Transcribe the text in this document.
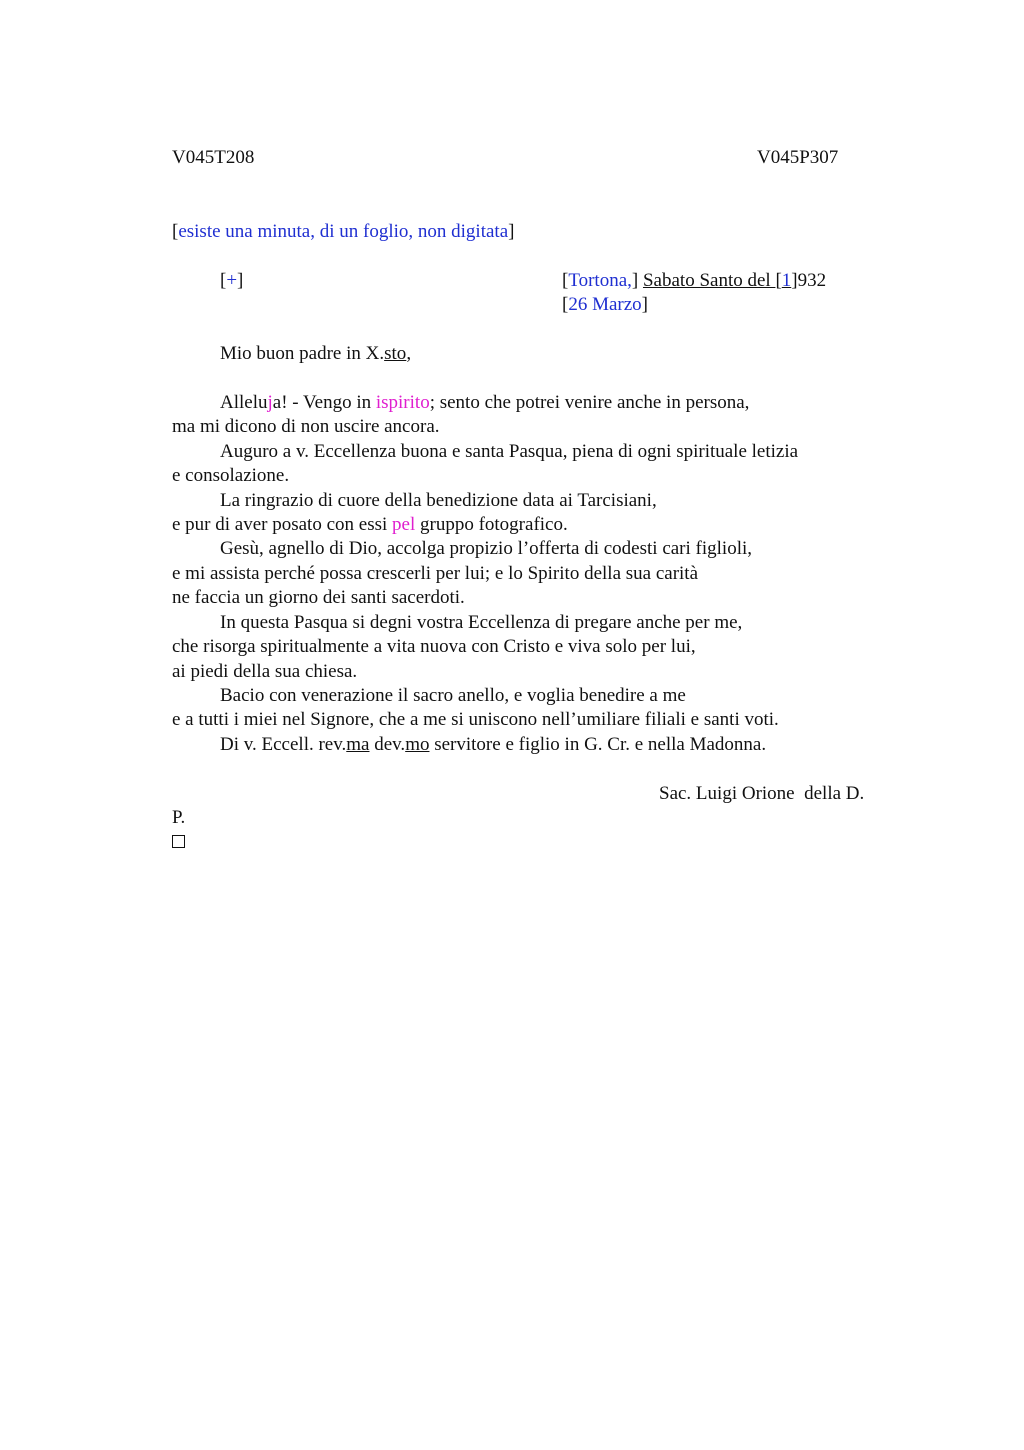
V045T208	V045P307
[esiste una minuta, di un foglio, non digitata]
[+]	[Tortona,] Sabato Santo del [1]932
[26 Marzo]
Mio buon padre in X.sto,
Alleluja! - Vengo in ispirito; sento che potrei venire anche in persona,
ma mi dicono di non uscire ancora.
Auguro a v. Eccellenza buona e santa Pasqua, piena di ogni spirituale letizia
e consolazione.
La ringrazio di cuore della benedizione data ai Tarcisiani,
e pur di aver posato con essi pel gruppo fotografico.
Gesù, agnello di Dio, accolga propizio l’offerta di codesti cari figlioli,
e mi assista perché possa crescerli per lui; e lo Spirito della sua carità
ne faccia un giorno dei santi sacerdoti.
In questa Pasqua si degni vostra Eccellenza di pregare anche per me,
che risorga spiritualmente a vita nuova con Cristo e viva solo per lui,
ai piedi della sua chiesa.
Bacio con venerazione il sacro anello, e voglia benedire a me
e a tutti i miei nel Signore, che a me si uniscono nell’umiliare filiali e santi voti.
Di v. Eccell. rev.ma dev.mo servitore e figlio in G. Cr. e nella Madonna.
Sac. Luigi Orione  della D.
P.
